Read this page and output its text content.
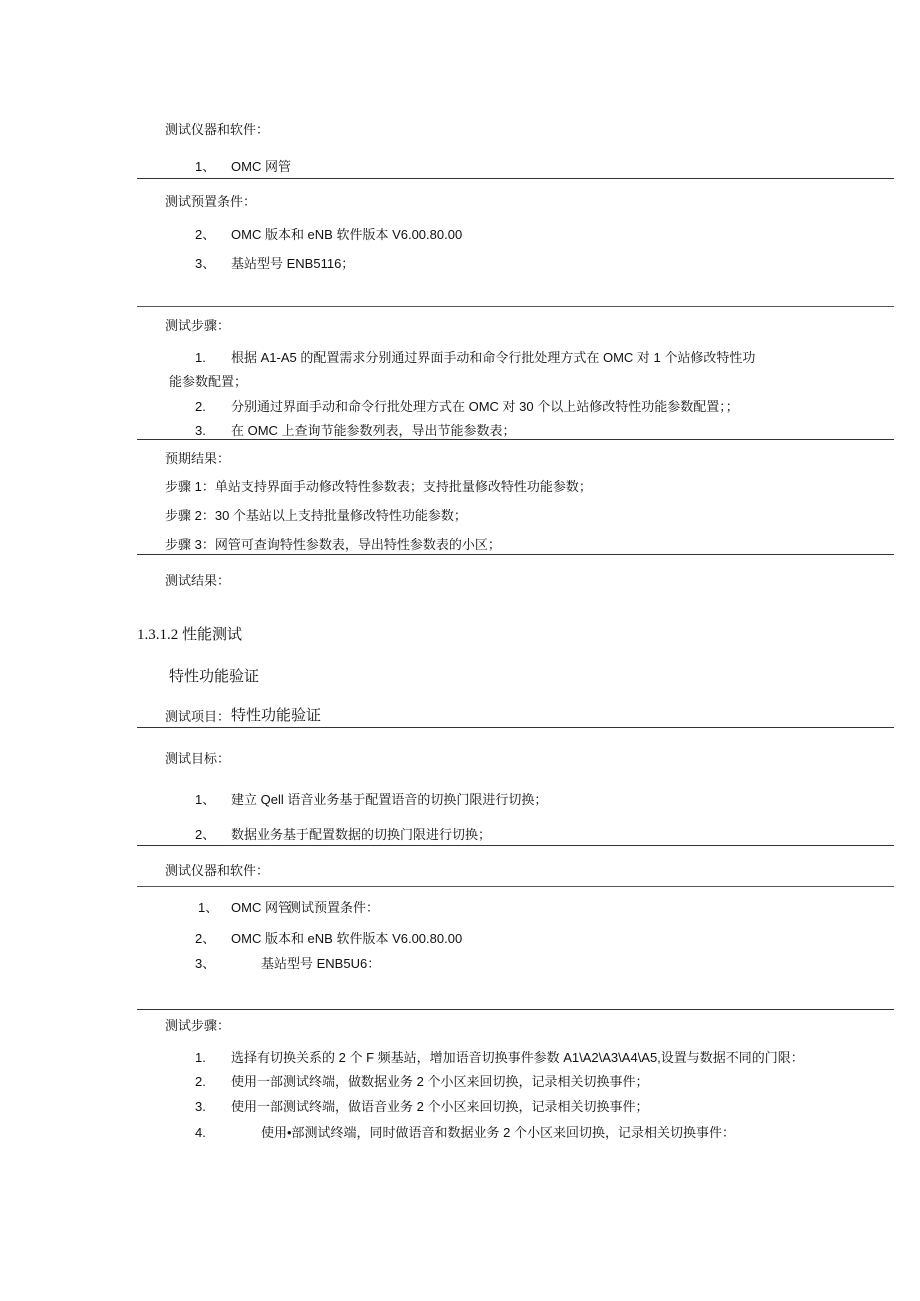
测试仪器和软件：
1、 OMC 网管
测试预置条件：
2、 OMC 版本和 eNB 软件版本 V6.00.80.00
3、 基站型号 ENB5116；
测试步骤：
1. 根据 A1-A5 的配置需求分别通过界面手动和命令行批处理方式在 OMC 对 1 个站修改特性功
能参数配置；
2. 分别通过界面手动和命令行批处理方式在 OMC 对 30 个以上站修改特性功能参数配置；；
3. 在 OMC 上查询节能参数列表，导出节能参数表；
预期结果：
步骤 1：单站支持界面手动修改特性参数表；支持批量修改特性功能参数；
步骤 2：30 个基站以上支持批量修改特性功能参数；
步骤 3：网管可查询特性参数表，导出特性参数表的小区；
测试结果：
1.3.1.2 性能测试
特性功能验证
测试项目： 特性功能验证
测试目标：
1、 建立 Qell 语音业务基于配置语音的切换门限进行切换；
2、 数据业务基于配置数据的切换门限进行切换；
测试仪器和软件：
1、 OMC 网管
测试预置条件：
2、 OMC 版本和 eNB 软件版本 V6.00.80.00
3、	基站型号 ENB5U6：
测试步骤：
1. 选择有切换关系的 2 个 F 频基站，增加语音切换事件参数 A1\A2\A3\A4\A5,设置与数据不同的门限：
2. 使用一部测试终端，做数据业务 2 个小区来回切换，记录相关切换事件；
3. 使用一部测试终端，做语音业务 2 个小区来回切换，记录相关切换事件；
4.	使用•部测试终端，同时做语音和数据业务 2 个小区来回切换，记录相关切换事件：
